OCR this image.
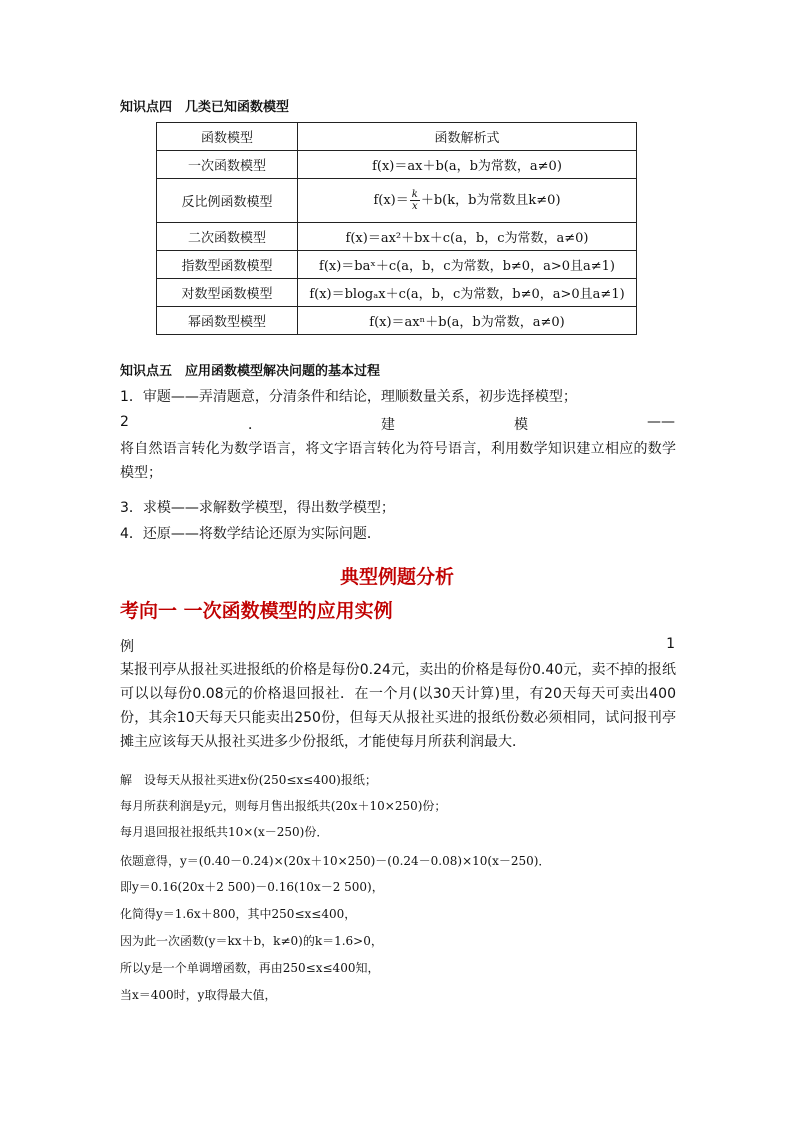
知识点四　几类已知函数模型
函数模型	函数解析式
一次函数模型	f(x)＝ax＋b(a，b为常数，a≠0)
反比例函数模型	$f(x)= \frac{k}{x} +b(k$，b为常数且k≠0)
二次函数模型	f(x)＝ax²＋bx＋c(a，b，c为常数，a≠0)
指数型函数模型	f(x)＝baˣ＋c(a，b，c为常数，b≠0，a>0且a≠1)
对数型函数模型	f(x)＝blogₐx＋c(a，b，c为常数，b≠0，a>0且a≠1)
幂函数型模型	f(x)＝axⁿ＋b(a，b为常数，a≠0)
知识点五　应用函数模型解决问题的基本过程
1．审题——弄清题意，分清条件和结论，理顺数量关系，初步选择模型；
2	．	建	模	——
将自然语言转化为数学语言，将文字语言转化为符号语言，利用数学知识建立相应的数学模型；
3．求模——求解数学模型，得出数学模型；
4．还原——将数学结论还原为实际问题．
典型例题分析
考向一 一次函数模型的应用实例
例	1
某报刊亭从报社买进报纸的价格是每份0.24元，卖出的价格是每份0.40元，卖不掉的报纸可以以每份0.08元的价格退回报社．在一个月(以30天计算)里，有20天每天可卖出400份，其余10天每天只能卖出250份，但每天从报社买进的报纸份数必须相同，试问报刊亭摊主应该每天从报社买进多少份报纸，才能使每月所获利润最大．
解　设每天从报社买进x份(250≤x≤400)报纸；
每月所获利润是y元，则每月售出报纸共(20x＋10×250)份；
每月退回报社报纸共10×(x－250)份．
依题意得，y＝(0.40－0.24)×(20x＋10×250)－(0.24－0.08)×10(x－250)．
即y＝0.16(20x＋2 500)－0.16(10x－2 500)，
化简得y＝1.6x＋800，其中250≤x≤400，
因为此一次函数(y＝kx＋b，k≠0)的k＝1.6>0，
所以y是一个单调增函数，再由250≤x≤400知，
当x＝400时，y取得最大值，
